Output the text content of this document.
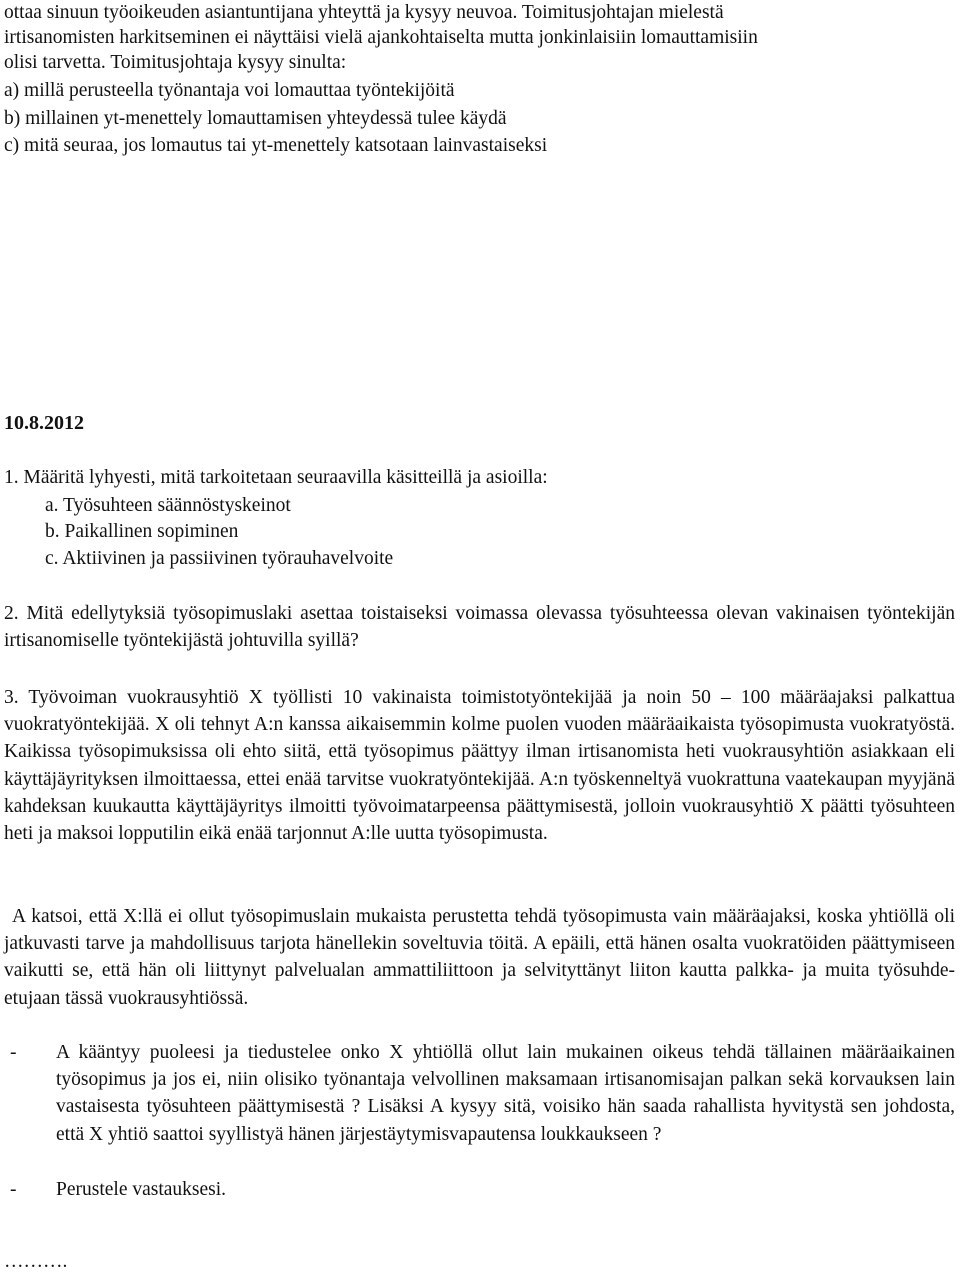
ottaa sinuun työoikeuden asiantuntijana yhteyttä ja kysyy neuvoa. Toimitusjohtajan mielestä

irtisanomisten harkitseminen ei näyttäisi vielä ajankohtaiselta mutta jonkinlaisiin lomauttamisiin

olisi tarvetta. Toimitusjohtaja kysyy sinulta:

a) millä perusteella työnantaja voi lomauttaa työntekijöitä

b) millainen yt-menettely lomauttamisen yhteydessä tulee käydä

c) mitä seuraa, jos lomautus tai yt-menettely katsotaan lainvastaiseksi

10.8.2012

1. Määritä lyhyesti, mitä tarkoitetaan seuraavilla käsitteillä ja asioilla:

a. Työsuhteen säännöstyskeinot

b. Paikallinen sopiminen

c. Aktiivinen ja passiivinen työrauhavelvoite

2. Mitä edellytyksiä työsopimuslaki asettaa toistaiseksi voimassa olevassa työsuhteessa olevan vakinaisen työntekijän irtisanomiselle työntekijästä johtuvilla syillä?

3. Työvoiman vuokrausyhtiö X työllisti 10 vakinaista toimistotyöntekijää ja noin 50 – 100 määräajaksi palkattua vuokratyöntekijää. X oli tehnyt A:n kanssa aikaisemmin kolme puolen vuoden määräaikaista työsopimusta vuokratyöstä. Kaikissa työsopimuksissa oli ehto siitä, että työsopimus päättyy ilman irtisanomista heti vuokrausyhtiön asiakkaan eli käyttäjäyrityksen ilmoittaessa, ettei enää tarvitse vuokratyöntekijää. A:n työskenneltyä vuokrattuna vaatekaupan myyjänä kahdeksan kuukautta käyttäjäyritys ilmoitti työvoimatarpeensa päättymisestä, jolloin vuokrausyhtiö X päätti työsuhteen heti ja maksoi lopputilin eikä enää tarjonnut A:lle uutta työsopimusta.

A katsoi, että X:llä ei ollut työsopimuslain mukaista perustetta tehdä työsopimusta vain määräajaksi, koska yhtiöllä oli jatkuvasti tarve ja mahdollisuus tarjota hänellekin soveltuvia töitä. A epäili, että hänen osalta vuokratöiden päättymiseen vaikutti se, että hän oli liittynyt palvelualan ammattiliittoon ja selvityttänyt liiton kautta palkka- ja muita työsuhde-etujaan tässä vuokrausyhtiössä.

- A kääntyy puoleesi ja tiedustelee onko X yhtiöllä ollut lain mukainen oikeus tehdä tällainen määräaikainen työsopimus ja jos ei, niin olisiko työnantaja velvollinen maksamaan irtisanomisajan palkan sekä korvauksen lain vastaisesta työsuhteen päättymisestä ? Lisäksi A kysyy sitä, voisiko hän saada rahallista hyvitystä sen johdosta, että X yhtiö saattoi syyllistyä hänen järjestäytymisvapautensa loukkaukseen ?

- Perustele vastauksesi.

……….
